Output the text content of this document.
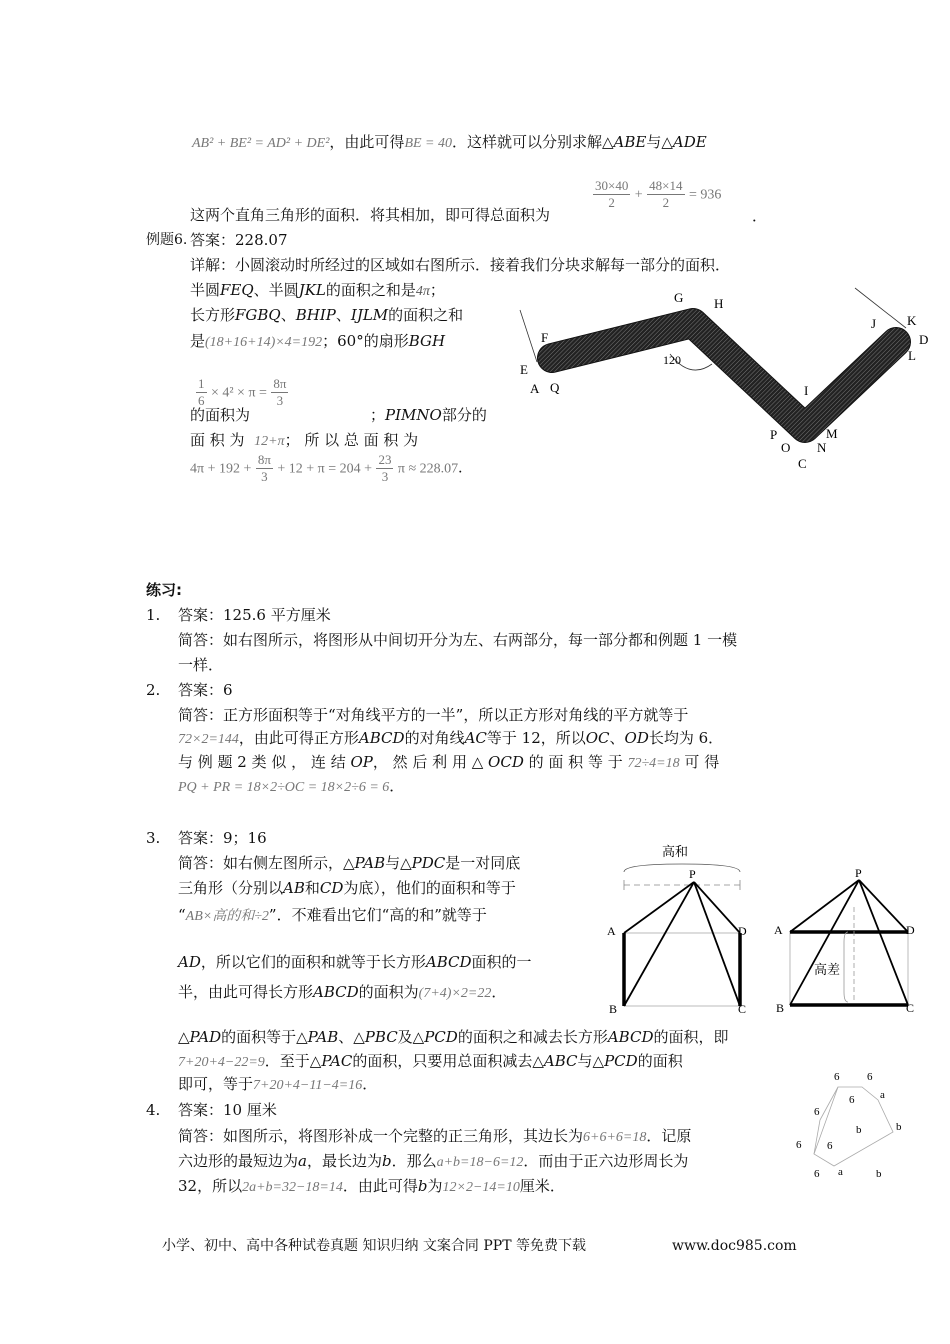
AB² + BE² = AD² + DE²，由此可得BE = 40．这样就可以分别求解△ABE与△ADE
这两个直角三角形的面积．将其相加，即可得总面积为
$\frac{30\times 40}{2} + \frac{48\times 14}{2} = 936$
．
例题6. 答案：228.07
详解：小圆滚动时所经过的区域如右图所示．接着我们分块求解每一部分的面积．
半圆FEQ、半圆JKL的面积之和是4π；
长方形FGBQ、BHIP、IJLM的面积之和
是(18+16+14)×4=192；60°的扇形BGH
$\frac{1}{6} \times 4^2 \times \pi = \frac{8\pi}{3}$
的面积为	；PIMNO部分的
面 积 为 12+π； 所 以 总 面 积 为
$4\pi + 192 + \frac{8\pi}{3} + 12 + \pi = 204 + \frac{23}{3}$ π ≈ 228.07．
G H
F
E
A Q
120
J K
D
L
I
P	M
O N
C
练习:
1. 答案：125.6 平方厘米
简答：如右图所示，将图形从中间切开分为左、右两部分，每一部分都和例题 1 一模
一样．
2. 答案：6
简答：正方形面积等于“对角线平方的一半”，所以正方形对角线的平方就等于
72×2=144，由此可得正方形ABCD的对角线AC等于 12，所以OC、OD长均为 6．
与 例 题 2 类 似 ， 连 结 OP， 然 后 利 用 △ OCD 的 面 积 等 于 72÷4=18 可 得
PQ + PR = 18×2÷OC = 18×2÷6 = 6．
3. 答案：9；16
简答：如右侧左图所示，△PAB与△PDC是一对同底
三角形（分别以AB和CD为底），他们的面积和等于
“AB×高的和÷2”．不难看出它们“高的和”就等于
AD，所以它们的面积和就等于长方形ABCD面积的一
半，由此可得长方形ABCD的面积为(7+4)×2=22．
△PAD的面积等于△PAB、△PBC及△PCD的面积之和减去长方形ABCD的面积，即
7+20+4−22=9．至于△PAC的面积，只要用总面积减去△ABC与△PCD的面积
即可，等于7+20+4−11−4=16．
高和
P
A	D
B	C
高差
P
A	D
B	C
4. 答案：10 厘米
简答：如图所示，将图形补成一个完整的正三角形，其边长为6+6+6=18．记原
六边形的最短边为a，最长边为b．那么a+b=18−6=12．而由于正六边形周长为
32，所以2a+b=32−18=14．由此可得b为12×2−14=10厘米．
6	6
6 a
6
b
6
b
6
6 a	b
小学、初中、高中各种试卷真题 知识归纳 文案合同 PPT 等免费下载	www.doc985.com
